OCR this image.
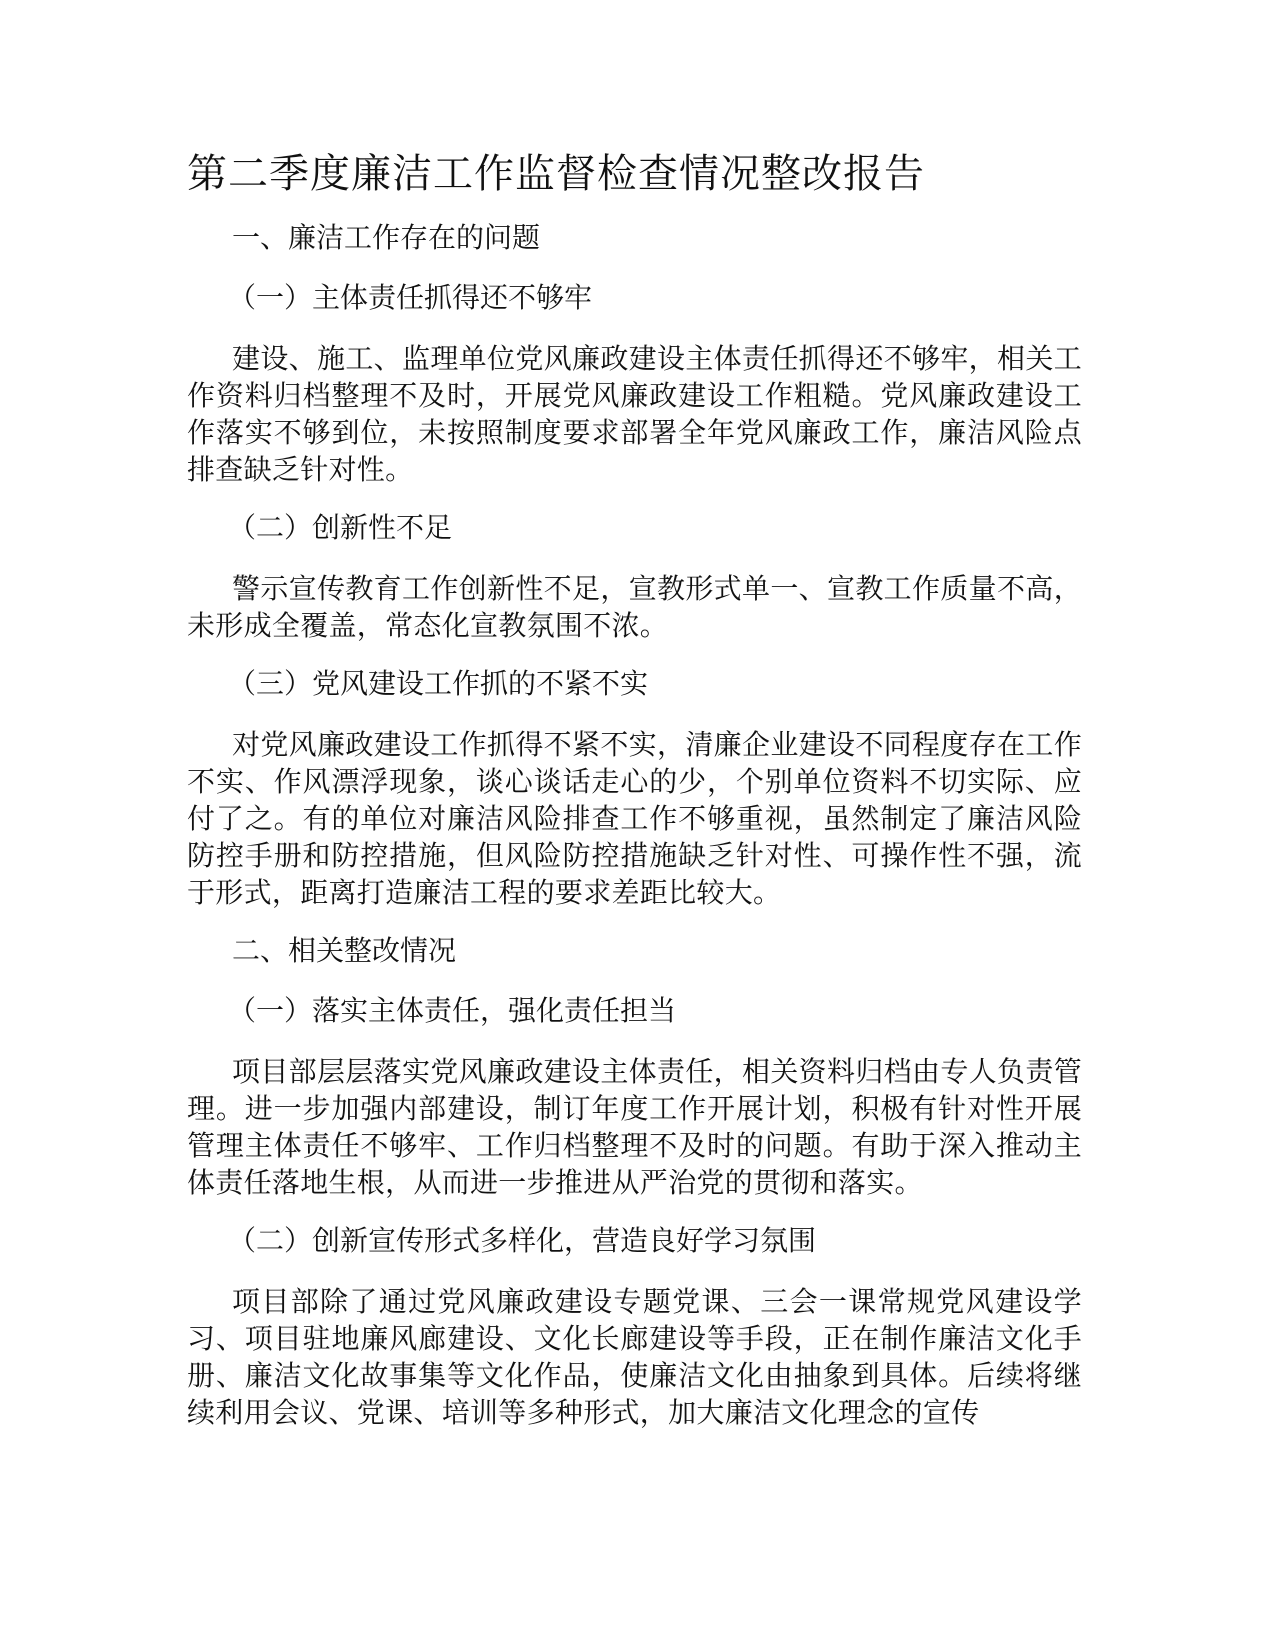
第二季度廉洁工作监督检查情况整改报告
一、廉洁工作存在的问题
（一）主体责任抓得还不够牢

建设、施工、监理单位党风廉政建设主体责任抓得还不够牢，相关工作资料归档整理不及时，开展党风廉政建设工作粗糙。党风廉政建设工作落实不够到位，未按照制度要求部署全年党风廉政工作，廉洁风险点排查缺乏针对性。

（二）创新性不足

警示宣传教育工作创新性不足，宣教形式单一、宣教工作质量不高，未形成全覆盖，常态化宣教氛围不浓。

（三）党风建设工作抓的不紧不实

对党风廉政建设工作抓得不紧不实，清廉企业建设不同程度存在工作不实、作风漂浮现象，谈心谈话走心的少，个别单位资料不切实际、应付了之。有的单位对廉洁风险排查工作不够重视，虽然制定了廉洁风险防控手册和防控措施，但风险防控措施缺乏针对性、可操作性不强，流于形式，距离打造廉洁工程的要求差距比较大。

二、相关整改情况
（一）落实主体责任，强化责任担当

项目部层层落实党风廉政建设主体责任，相关资料归档由专人负责管理。进一步加强内部建设，制订年度工作开展计划，积极有针对性开展管理主体责任不够牢、工作归档整理不及时的问题。有助于深入推动主体责任落地生根，从而进一步推进从严治党的贯彻和落实。

（二）创新宣传形式多样化，营造良好学习氛围

项目部除了通过党风廉政建设专题党课、三会一课常规党风建设学习、项目驻地廉风廊建设、文化长廊建设等手段，正在制作廉洁文化手册、廉洁文化故事集等文化作品，使廉洁文化由抽象到具体。后续将继续利用会议、党课、培训等多种形式，加大廉洁文化理念的宣传
